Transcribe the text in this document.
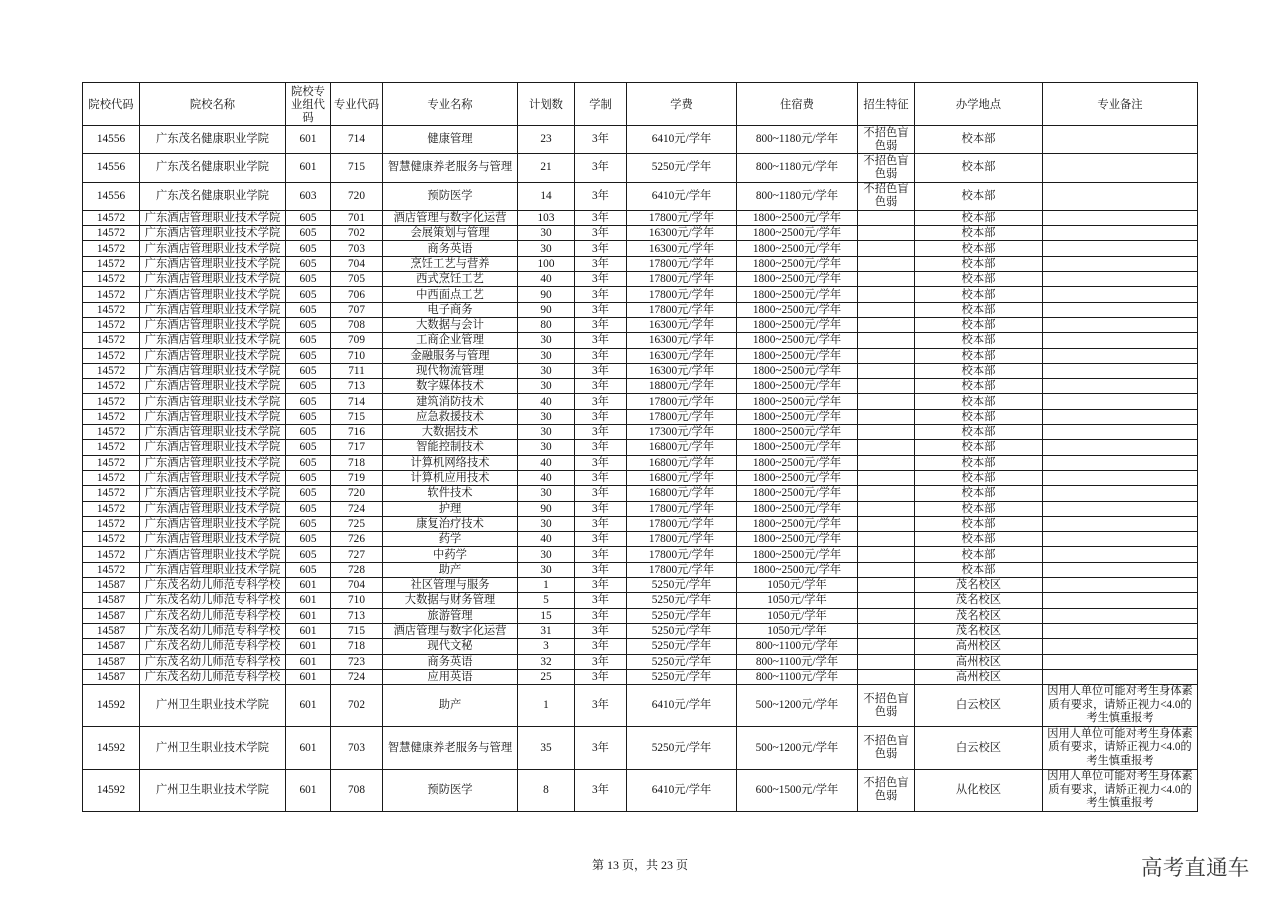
院校代码	院校名称	院校专业组代码	专业代码	专业名称	计划数	学制	学费	住宿费	招生特征	办学地点	专业备注
14556	广东茂名健康职业学院	601	714	健康管理	23	3年	6410元/学年	800~1180元/学年	不招色盲色弱	校本部	
14556	广东茂名健康职业学院	601	715	智慧健康养老服务与管理	21	3年	5250元/学年	800~1180元/学年	不招色盲色弱	校本部	
14556	广东茂名健康职业学院	603	720	预防医学	14	3年	6410元/学年	800~1180元/学年	不招色盲色弱	校本部	
14572	广东酒店管理职业技术学院	605	701	酒店管理与数字化运营	103	3年	17800元/学年	1800~2500元/学年		校本部	
14572	广东酒店管理职业技术学院	605	702	会展策划与管理	30	3年	16300元/学年	1800~2500元/学年		校本部	
14572	广东酒店管理职业技术学院	605	703	商务英语	30	3年	16300元/学年	1800~2500元/学年		校本部	
14572	广东酒店管理职业技术学院	605	704	烹饪工艺与营养	100	3年	17800元/学年	1800~2500元/学年		校本部	
14572	广东酒店管理职业技术学院	605	705	西式烹饪工艺	40	3年	17800元/学年	1800~2500元/学年		校本部	
14572	广东酒店管理职业技术学院	605	706	中西面点工艺	90	3年	17800元/学年	1800~2500元/学年		校本部	
14572	广东酒店管理职业技术学院	605	707	电子商务	90	3年	17800元/学年	1800~2500元/学年		校本部	
14572	广东酒店管理职业技术学院	605	708	大数据与会计	80	3年	16300元/学年	1800~2500元/学年		校本部	
14572	广东酒店管理职业技术学院	605	709	工商企业管理	30	3年	16300元/学年	1800~2500元/学年		校本部	
14572	广东酒店管理职业技术学院	605	710	金融服务与管理	30	3年	16300元/学年	1800~2500元/学年		校本部	
14572	广东酒店管理职业技术学院	605	711	现代物流管理	30	3年	16300元/学年	1800~2500元/学年		校本部	
14572	广东酒店管理职业技术学院	605	713	数字媒体技术	30	3年	18800元/学年	1800~2500元/学年		校本部	
14572	广东酒店管理职业技术学院	605	714	建筑消防技术	40	3年	17800元/学年	1800~2500元/学年		校本部	
14572	广东酒店管理职业技术学院	605	715	应急救援技术	30	3年	17800元/学年	1800~2500元/学年		校本部	
14572	广东酒店管理职业技术学院	605	716	大数据技术	30	3年	17300元/学年	1800~2500元/学年		校本部	
14572	广东酒店管理职业技术学院	605	717	智能控制技术	30	3年	16800元/学年	1800~2500元/学年		校本部	
14572	广东酒店管理职业技术学院	605	718	计算机网络技术	40	3年	16800元/学年	1800~2500元/学年		校本部	
14572	广东酒店管理职业技术学院	605	719	计算机应用技术	40	3年	16800元/学年	1800~2500元/学年		校本部	
14572	广东酒店管理职业技术学院	605	720	软件技术	30	3年	16800元/学年	1800~2500元/学年		校本部	
14572	广东酒店管理职业技术学院	605	724	护理	90	3年	17800元/学年	1800~2500元/学年		校本部	
14572	广东酒店管理职业技术学院	605	725	康复治疗技术	30	3年	17800元/学年	1800~2500元/学年		校本部	
14572	广东酒店管理职业技术学院	605	726	药学	40	3年	17800元/学年	1800~2500元/学年		校本部	
14572	广东酒店管理职业技术学院	605	727	中药学	30	3年	17800元/学年	1800~2500元/学年		校本部	
14572	广东酒店管理职业技术学院	605	728	助产	30	3年	17800元/学年	1800~2500元/学年		校本部	
14587	广东茂名幼儿师范专科学校	601	704	社区管理与服务	1	3年	5250元/学年	1050元/学年		茂名校区	
14587	广东茂名幼儿师范专科学校	601	710	大数据与财务管理	5	3年	5250元/学年	1050元/学年		茂名校区	
14587	广东茂名幼儿师范专科学校	601	713	旅游管理	15	3年	5250元/学年	1050元/学年		茂名校区	
14587	广东茂名幼儿师范专科学校	601	715	酒店管理与数字化运营	31	3年	5250元/学年	1050元/学年		茂名校区	
14587	广东茂名幼儿师范专科学校	601	718	现代文秘	3	3年	5250元/学年	800~1100元/学年		高州校区	
14587	广东茂名幼儿师范专科学校	601	723	商务英语	32	3年	5250元/学年	800~1100元/学年		高州校区	
14587	广东茂名幼儿师范专科学校	601	724	应用英语	25	3年	5250元/学年	800~1100元/学年		高州校区	
14592	广州卫生职业技术学院	601	702	助产	1	3年	6410元/学年	500~1200元/学年	不招色盲色弱	白云校区	因用人单位可能对考生身体素质有要求，请矫正视力<4.0的考生慎重报考
14592	广州卫生职业技术学院	601	703	智慧健康养老服务与管理	35	3年	5250元/学年	500~1200元/学年	不招色盲色弱	白云校区	因用人单位可能对考生身体素质有要求，请矫正视力<4.0的考生慎重报考
14592	广州卫生职业技术学院	601	708	预防医学	8	3年	6410元/学年	600~1500元/学年	不招色盲色弱	从化校区	因用人单位可能对考生身体素质有要求，请矫正视力<4.0的考生慎重报考
第 13 页，共 23 页	高考直通车
